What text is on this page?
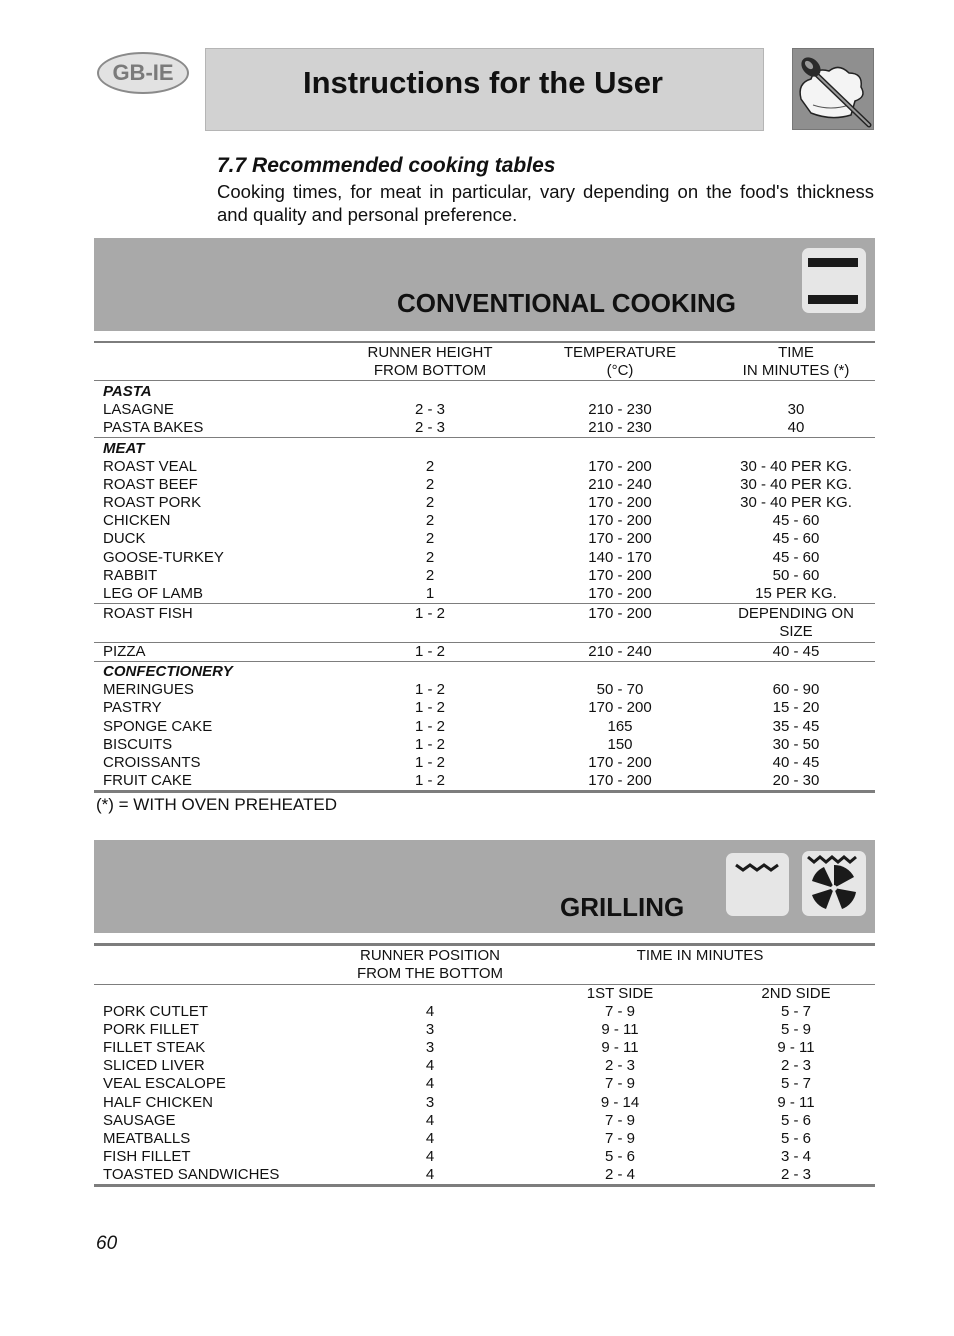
GB-IE	Instructions for the User
7.7 Recommended cooking tables
Cooking times, for meat in particular, vary depending on the food's thickness and quality and personal preference.
CONVENTIONAL COOKING
RUNNER HEIGHT
FROM BOTTOM
TEMPERATURE
(°C)
TIME
IN MINUTES (*)
PASTA
LASAGNE	2 - 3	210 - 230	30
PASTA BAKES	2 - 3	210 - 230	40
MEAT
ROAST VEAL	2	170 - 200	30 - 40 PER KG.
ROAST BEEF	2	210 - 240	30 - 40 PER KG.
ROAST PORK	2	170 - 200	30 - 40 PER KG.
CHICKEN	2	170 - 200	45 - 60
DUCK	2	170 - 200	45 - 60
GOOSE-TURKEY	2	140 - 170	45 - 60
RABBIT	2	170 - 200	50 - 60
LEG OF LAMB	1	170 - 200	15 PER KG.
ROAST FISH	1 - 2	170 - 200	DEPENDING ON
SIZE
PIZZA	1 - 2	210 - 240	40 - 45
CONFECTIONERY
MERINGUES	1 - 2	50 - 70	60 - 90
PASTRY	1 - 2	170 - 200	15 - 20
SPONGE CAKE	1 - 2	165	35 - 45
BISCUITS	1 - 2	150	30 - 50
CROISSANTS	1 - 2	170 - 200	40 - 45
FRUIT CAKE	1 - 2	170 - 200	20 - 30
(*) = WITH OVEN PREHEATED
GRILLING
RUNNER POSITION
FROM THE BOTTOM
TIME IN MINUTES
1ST SIDE	2ND SIDE
PORK CUTLET	4	7 - 9	5 - 7
PORK FILLET	3	9 - 11	5 - 9
FILLET STEAK	3	9 - 11	9 - 11
SLICED LIVER	4	2 - 3	2 - 3
VEAL ESCALOPE	4	7 - 9	5 - 7
HALF CHICKEN	3	9 - 14	9 - 11
SAUSAGE	4	7 - 9	5 - 6
MEATBALLS	4	7 - 9	5 - 6
FISH FILLET	4	5 - 6	3 - 4
TOASTED SANDWICHES	4	2 - 4	2 - 3
60
